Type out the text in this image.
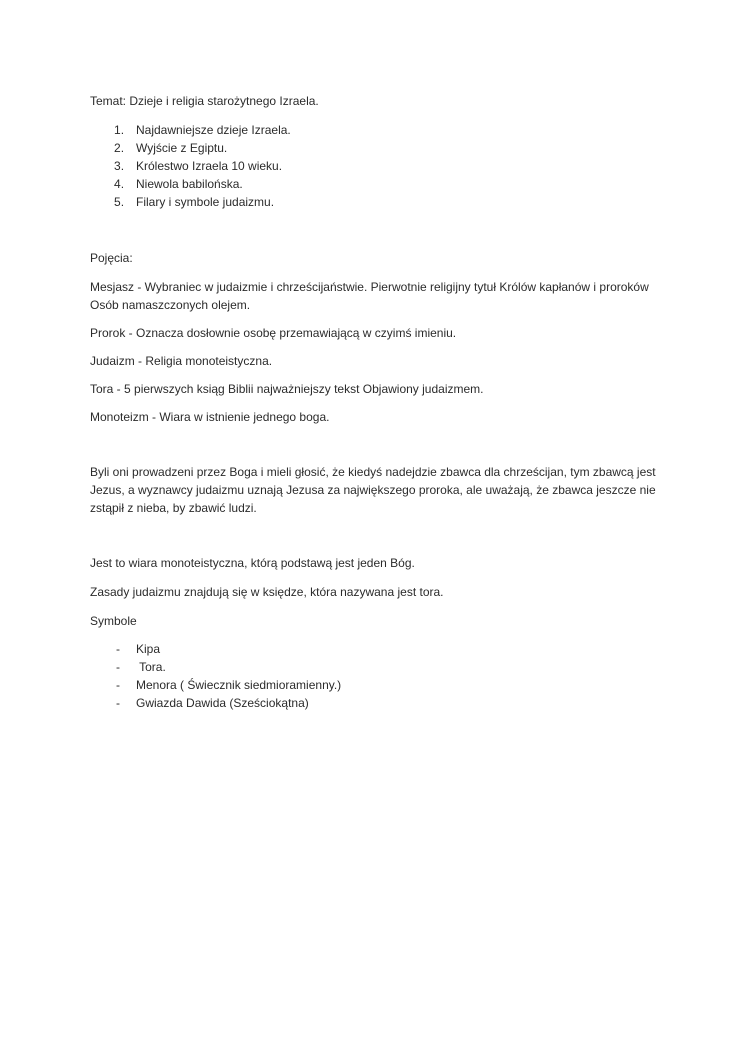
Temat: Dzieje i religia starożytnego Izraela.
Najdawniejsze dzieje Izraela.
Wyjście z Egiptu.
Królestwo Izraela 10 wieku.
Niewola babilońska.
Filary i symbole judaizmu.
Pojęcia:
Mesjasz - Wybraniec w judaizmie i chrześcijaństwie. Pierwotnie religijny tytuł Królów kapłanów i proroków Osób namaszczonych olejem.
Prorok - Oznacza dosłownie osobę przemawiającą w czyimś imieniu.
Judaizm - Religia monoteistyczna.
Tora - 5 pierwszych ksiąg Biblii najważniejszy tekst Objawiony judaizmem.
Monoteizm - Wiara w istnienie jednego boga.
Byli oni prowadzeni przez Boga i mieli głosić, że kiedyś nadejdzie zbawca dla chrześcijan, tym zbawcą jest Jezus, a wyznawcy judaizmu uznają Jezusa za największego proroka, ale uważają, że zbawca jeszcze nie zstąpił z nieba, by zbawić ludzi.
Jest to wiara monoteistyczna, którą podstawą jest jeden Bóg.
Zasady judaizmu znajdują się w księdze, która nazywana jest tora.
Symbole
- Kipa
-  Tora.
- Menora ( Świecznik siedmioramienny.)
- Gwiazda Dawida (Sześciokątna)
